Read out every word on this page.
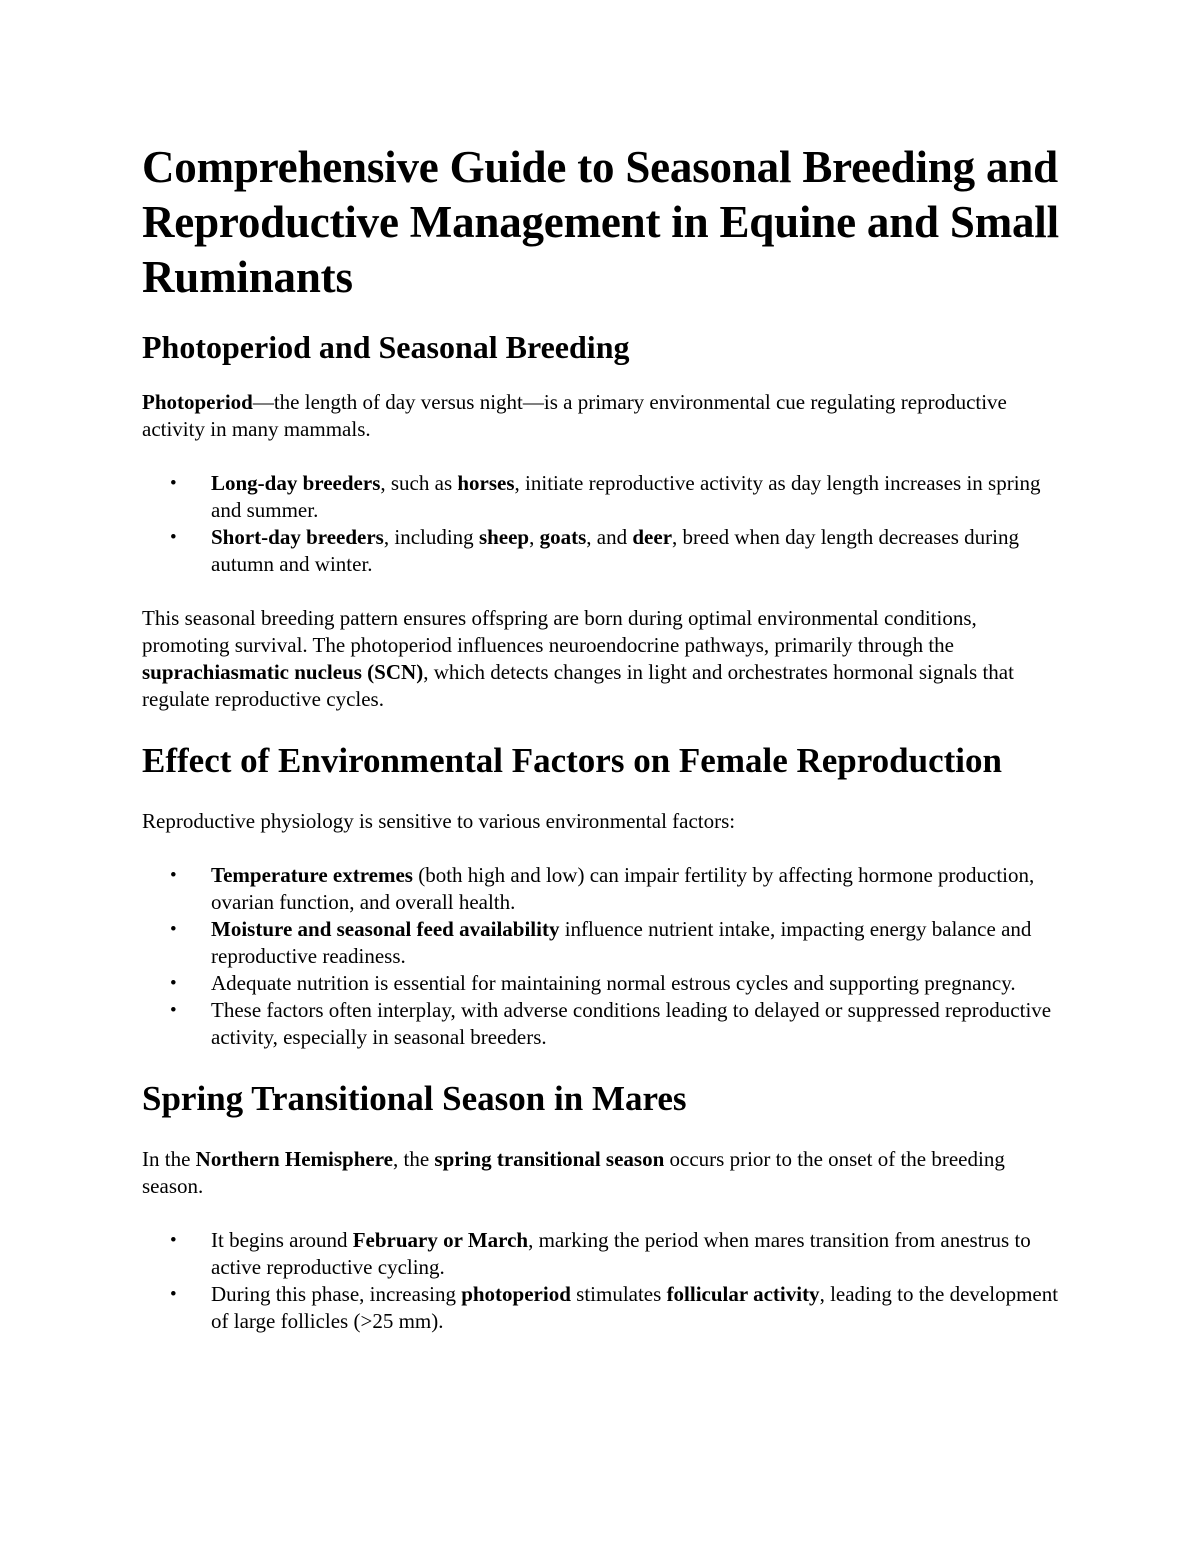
Comprehensive Guide to Seasonal Breeding and Reproductive Management in Equine and Small Ruminants
Photoperiod and Seasonal Breeding

Photoperiod—the length of day versus night—is a primary environmental cue regulating reproductive activity in many mammals.

• Long-day breeders, such as horses, initiate reproductive activity as day length increases in spring and summer.
• Short-day breeders, including sheep, goats, and deer, breed when day length decreases during autumn and winter.

This seasonal breeding pattern ensures offspring are born during optimal environmental conditions, promoting survival. The photoperiod influences neuroendocrine pathways, primarily through the suprachiasmatic nucleus (SCN), which detects changes in light and orchestrates hormonal signals that regulate reproductive cycles.

Effect of Environmental Factors on Female Reproduction

Reproductive physiology is sensitive to various environmental factors:

• Temperature extremes (both high and low) can impair fertility by affecting hormone production, ovarian function, and overall health.
• Moisture and seasonal feed availability influence nutrient intake, impacting energy balance and reproductive readiness.
• Adequate nutrition is essential for maintaining normal estrous cycles and supporting pregnancy.
• These factors often interplay, with adverse conditions leading to delayed or suppressed reproductive activity, especially in seasonal breeders.
Spring Transitional Season in Mares

In the Northern Hemisphere, the spring transitional season occurs prior to the onset of the breeding season.

• It begins around February or March, marking the period when mares transition from anestrus to active reproductive cycling.
• During this phase, increasing photoperiod stimulates follicular activity, leading to the development of large follicles (>25 mm).
